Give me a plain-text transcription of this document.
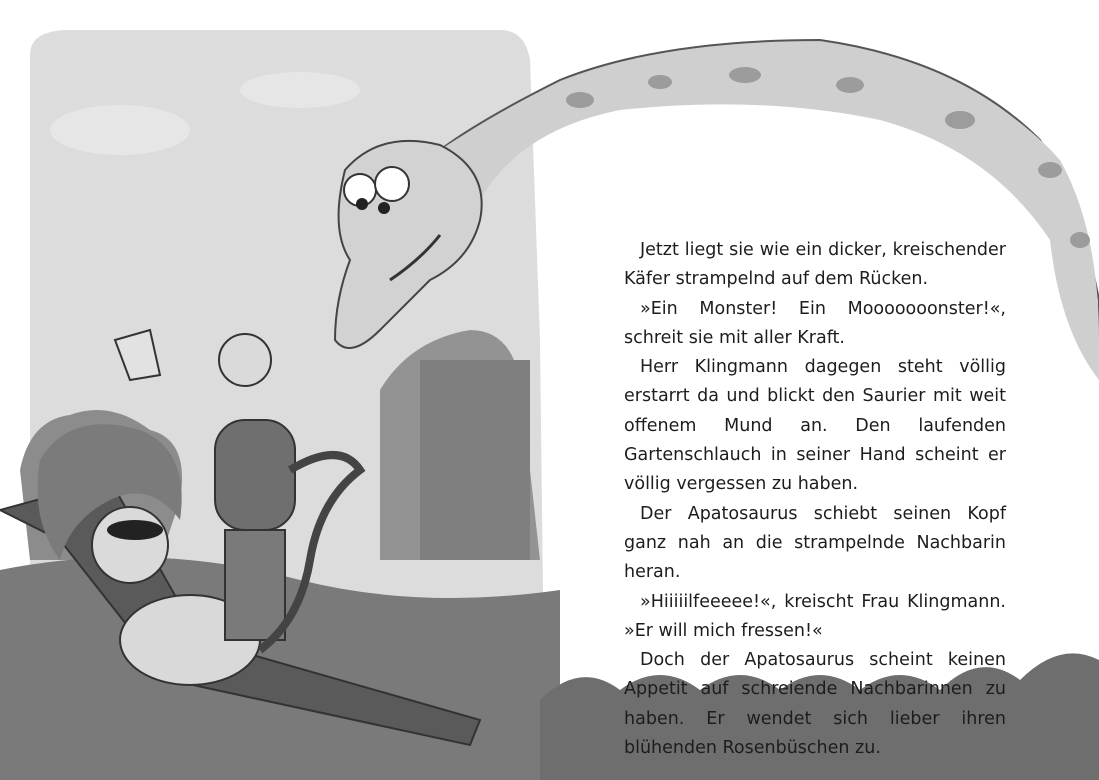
Jetzt liegt sie wie ein dicker, kreischender Käfer strampelnd auf dem Rücken.

»Ein Monster! Ein Mooooooonster!«, schreit sie mit aller Kraft.

Herr Klingmann dagegen steht völlig erstarrt da und blickt den Saurier mit weit offenem Mund an. Den laufenden Gartenschlauch in seiner Hand scheint er völlig vergessen zu haben.

Der Apatosaurus schiebt seinen Kopf ganz nah an die strampelnde Nachbarin heran.

»Hiiiiilfeeeee!«, kreischt Frau Klingmann. »Er will mich fressen!«

Doch der Apatosaurus scheint keinen Appetit auf schreiende Nachbarinnen zu haben. Er wendet sich lieber ihren blühenden Rosenbüschen zu.
